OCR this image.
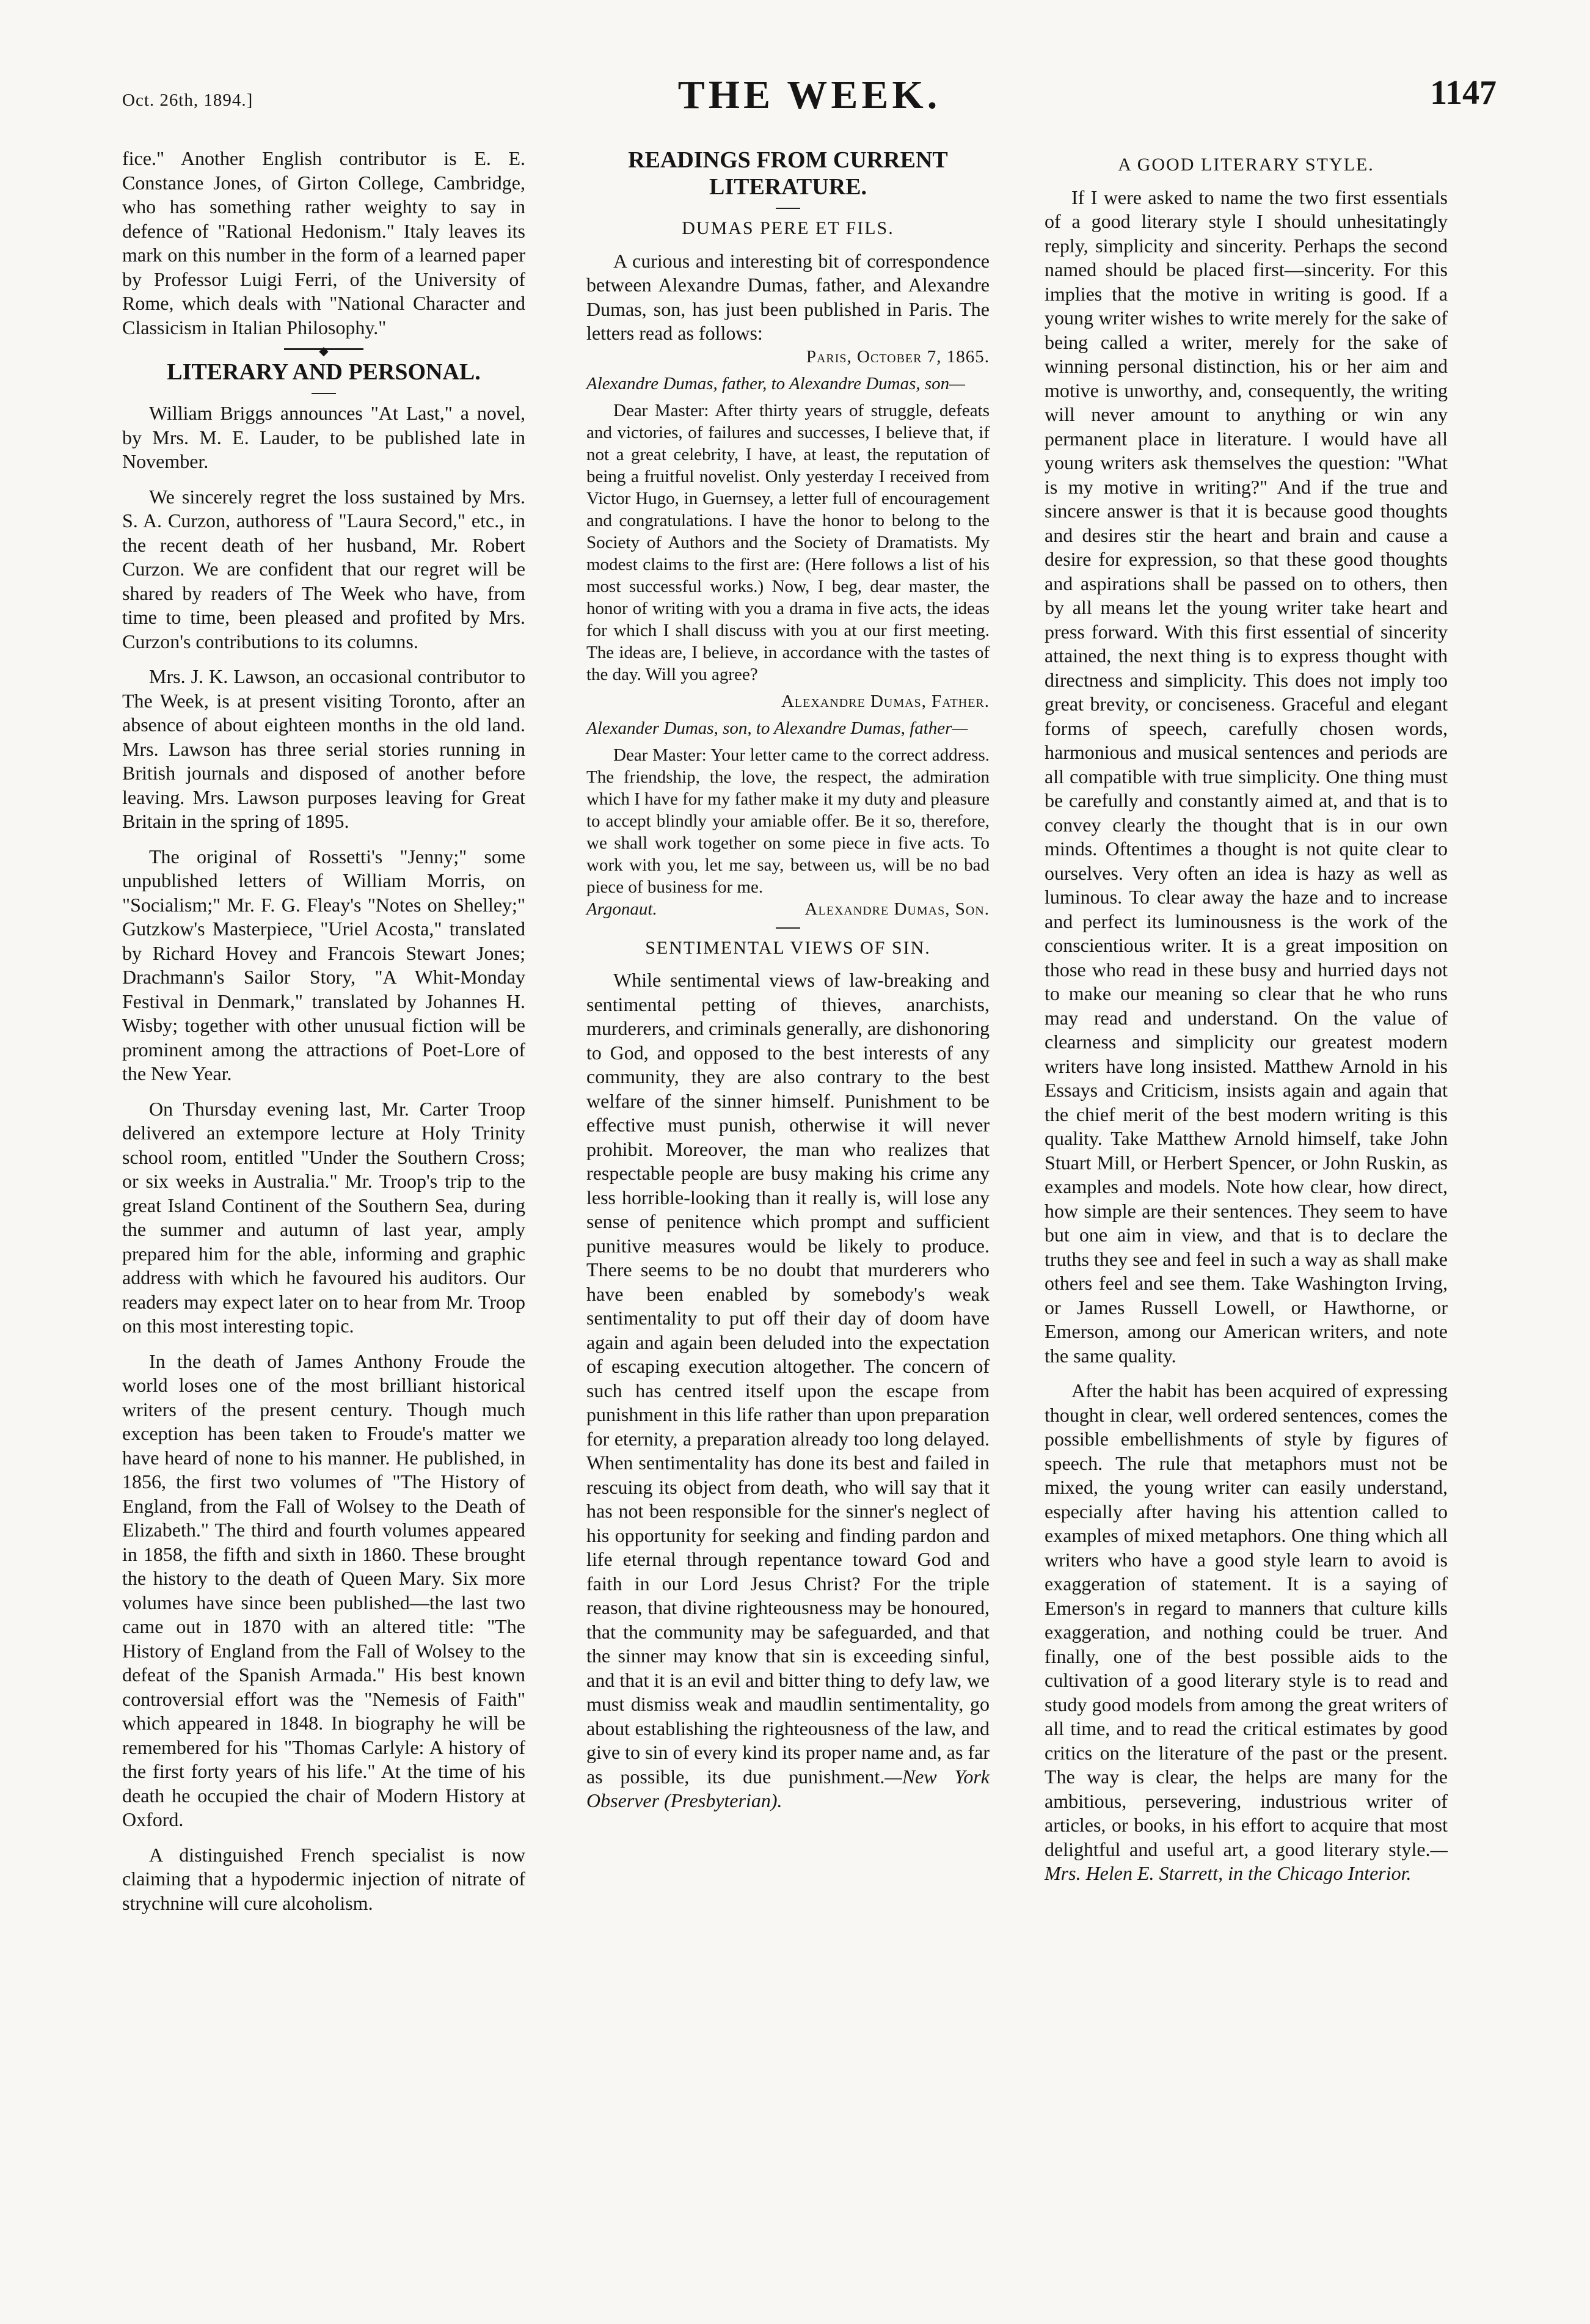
Oct. 26th, 1894.]	THE WEEK.	1147

fice." Another English contributor is E. E. Constance Jones, of Girton College, Cambridge, who has something rather weighty to say in defence of "Rational Hedonism." Italy leaves its mark on this number in the form of a learned paper by Professor Luigi Ferri, of the University of Rome, which deals with "National Character and Classicism in Italian Philosophy."

◆
LITERARY AND PERSONAL.

William Briggs announces "At Last," a novel, by Mrs. M. E. Lauder, to be published late in November.

We sincerely regret the loss sustained by Mrs. S. A. Curzon, authoress of "Laura Secord," etc., in the recent death of her husband, Mr. Robert Curzon. We are confident that our regret will be shared by readers of The Week who have, from time to time, been pleased and profited by Mrs. Curzon's contributions to its columns.

Mrs. J. K. Lawson, an occasional contributor to The Week, is at present visiting Toronto, after an absence of about eighteen months in the old land. Mrs. Lawson has three serial stories running in British journals and disposed of another before leaving. Mrs. Lawson purposes leaving for Great Britain in the spring of 1895.

The original of Rossetti's "Jenny;" some unpublished letters of William Morris, on "Socialism;" Mr. F. G. Fleay's "Notes on Shelley;" Gutzkow's Masterpiece, "Uriel Acosta," translated by Richard Hovey and Francois Stewart Jones; Drachmann's Sailor Story, "A Whit-Monday Festival in Denmark," translated by Johannes H. Wisby; together with other unusual fiction will be prominent among the attractions of Poet-Lore of the New Year.

On Thursday evening last, Mr. Carter Troop delivered an extempore lecture at Holy Trinity school room, entitled "Under the Southern Cross; or six weeks in Australia." Mr. Troop's trip to the great Island Continent of the Southern Sea, during the summer and autumn of last year, amply prepared him for the able, informing and graphic address with which he favoured his auditors. Our readers may expect later on to hear from Mr. Troop on this most interesting topic.

In the death of James Anthony Froude the world loses one of the most brilliant historical writers of the present century. Though much exception has been taken to Froude's matter we have heard of none to his manner. He published, in 1856, the first two volumes of "The History of England, from the Fall of Wolsey to the Death of Elizabeth." The third and fourth volumes appeared in 1858, the fifth and sixth in 1860. These brought the history to the death of Queen Mary. Six more volumes have since been published—the last two came out in 1870 with an altered title: "The History of England from the Fall of Wolsey to the defeat of the Spanish Armada." His best known controversial effort was the "Nemesis of Faith" which appeared in 1848. In biography he will be remembered for his "Thomas Carlyle: A history of the first forty years of his life." At the time of his death he occupied the chair of Modern History at Oxford.

A distinguished French specialist is now claiming that a hypodermic injection of nitrate of strychnine will cure alcoholism.

READINGS FROM CURRENT LITERATURE.
DUMAS PERE ET FILS.

A curious and interesting bit of correspondence between Alexandre Dumas, father, and Alexandre Dumas, son, has just been published in Paris. The letters read as follows:

Paris, October 7, 1865.

Alexandre Dumas, father, to Alexandre Dumas, son—

Dear Master: After thirty years of struggle, defeats and victories, of failures and successes, I believe that, if not a great celebrity, I have, at least, the reputation of being a fruitful novelist. Only yesterday I received from Victor Hugo, in Guernsey, a letter full of encouragement and congratulations. I have the honor to belong to the Society of Authors and the Society of Dramatists. My modest claims to the first are: (Here follows a list of his most successful works.) Now, I beg, dear master, the honor of writing with you a drama in five acts, the ideas for which I shall discuss with you at our first meeting. The ideas are, I believe, in accordance with the tastes of the day. Will you agree?

Alexandre Dumas, Father.

Alexander Dumas, son, to Alexandre Dumas, father—

Dear Master: Your letter came to the correct address. The friendship, the love, the respect, the admiration which I have for my father make it my duty and pleasure to accept blindly your amiable offer. Be it so, therefore, we shall work together on some piece in five acts. To work with you, let me say, between us, will be no bad piece of business for me.

Argonaut.	Alexandre Dumas, Son.
SENTIMENTAL VIEWS OF SIN.

While sentimental views of law-breaking and sentimental petting of thieves, anarchists, murderers, and criminals generally, are dishonoring to God, and opposed to the best interests of any community, they are also contrary to the best welfare of the sinner himself. Punishment to be effective must punish, otherwise it will never prohibit. Moreover, the man who realizes that respectable people are busy making his crime any less horrible-looking than it really is, will lose any sense of penitence which prompt and sufficient punitive measures would be likely to produce. There seems to be no doubt that murderers who have been enabled by somebody's weak sentimentality to put off their day of doom have again and again been deluded into the expectation of escaping execution altogether. The concern of such has centred itself upon the escape from punishment in this life rather than upon preparation for eternity, a preparation already too long delayed. When sentimentality has done its best and failed in rescuing its object from death, who will say that it has not been responsible for the sinner's neglect of his opportunity for seeking and finding pardon and life eternal through repentance toward God and faith in our Lord Jesus Christ? For the triple reason, that divine righteousness may be honoured, that the community may be safeguarded, and that the sinner may know that sin is exceeding sinful, and that it is an evil and bitter thing to defy law, we must dismiss weak and maudlin sentimentality, go about establishing the righteousness of the law, and give to sin of every kind its proper name and, as far as possible, its due punishment.—New York Observer (Presbyterian).

A GOOD LITERARY STYLE.

If I were asked to name the two first essentials of a good literary style I should unhesitatingly reply, simplicity and sincerity. Perhaps the second named should be placed first—sincerity. For this implies that the motive in writing is good. If a young writer wishes to write merely for the sake of being called a writer, merely for the sake of winning personal distinction, his or her aim and motive is unworthy, and, consequently, the writing will never amount to anything or win any permanent place in literature. I would have all young writers ask themselves the question: "What is my motive in writing?" And if the true and sincere answer is that it is because good thoughts and desires stir the heart and brain and cause a desire for expression, so that these good thoughts and aspirations shall be passed on to others, then by all means let the young writer take heart and press forward. With this first essential of sincerity attained, the next thing is to express thought with directness and simplicity. This does not imply too great brevity, or conciseness. Graceful and elegant forms of speech, carefully chosen words, harmonious and musical sentences and periods are all compatible with true simplicity. One thing must be carefully and constantly aimed at, and that is to convey clearly the thought that is in our own minds. Oftentimes a thought is not quite clear to ourselves. Very often an idea is hazy as well as luminous. To clear away the haze and to increase and perfect its luminousness is the work of the conscientious writer. It is a great imposition on those who read in these busy and hurried days not to make our meaning so clear that he who runs may read and understand. On the value of clearness and simplicity our greatest modern writers have long insisted. Matthew Arnold in his Essays and Criticism, insists again and again that the chief merit of the best modern writing is this quality. Take Matthew Arnold himself, take John Stuart Mill, or Herbert Spencer, or John Ruskin, as examples and models. Note how clear, how direct, how simple are their sentences. They seem to have but one aim in view, and that is to declare the truths they see and feel in such a way as shall make others feel and see them. Take Washington Irving, or James Russell Lowell, or Hawthorne, or Emerson, among our American writers, and note the same quality.

After the habit has been acquired of expressing thought in clear, well ordered sentences, comes the possible embellishments of style by figures of speech. The rule that metaphors must not be mixed, the young writer can easily understand, especially after having his attention called to examples of mixed metaphors. One thing which all writers who have a good style learn to avoid is exaggeration of statement. It is a saying of Emerson's in regard to manners that culture kills exaggeration, and nothing could be truer. And finally, one of the best possible aids to the cultivation of a good literary style is to read and study good models from among the great writers of all time, and to read the critical estimates by good critics on the literature of the past or the present. The way is clear, the helps are many for the ambitious, persevering, industrious writer of articles, or books, in his effort to acquire that most delightful and useful art, a good literary style.—Mrs. Helen E. Starrett, in the Chicago Interior.
